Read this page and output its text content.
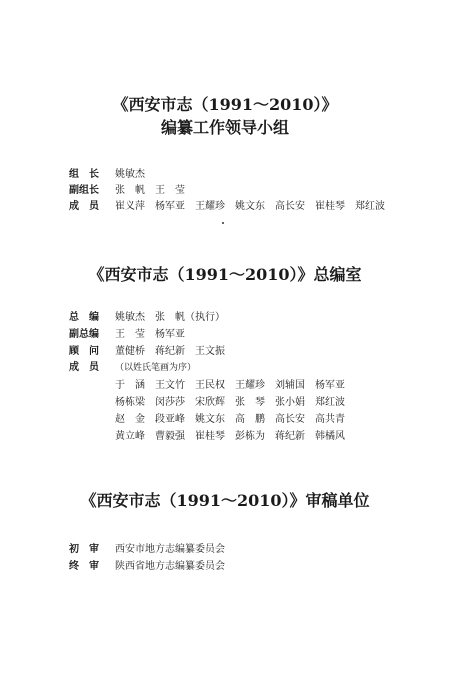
《西安市志（1991～2010）》
编纂工作领导小组
组　长 姚敏杰
副组长 张　帆　王　莹
成　员 崔义萍　杨军亚　王耀珍　姚文东　高长安　崔桂琴　郑红波
《西安市志（1991～2010）》总编室
总　编 姚敏杰　张　帆（执行）
副总编 王　莹　杨军亚
顾　问 董健桥　蒋纪新　王文振
成　员 （以姓氏笔画为序）
于　涵　王文竹　王民权　王耀珍　刘辅国　杨军亚
杨栋梁　闵莎莎　宋欣辉　张　琴　张小娟　郑红波
赵　金　段亚峰　姚文东　高　鹏　高长安　高共青
黄立峰　曹毅强　崔桂琴　彭栋为　蒋纪新　韩橘风
《西安市志（1991～2010）》审稿单位
初　审 西安市地方志编纂委员会
终　审 陕西省地方志编纂委员会
